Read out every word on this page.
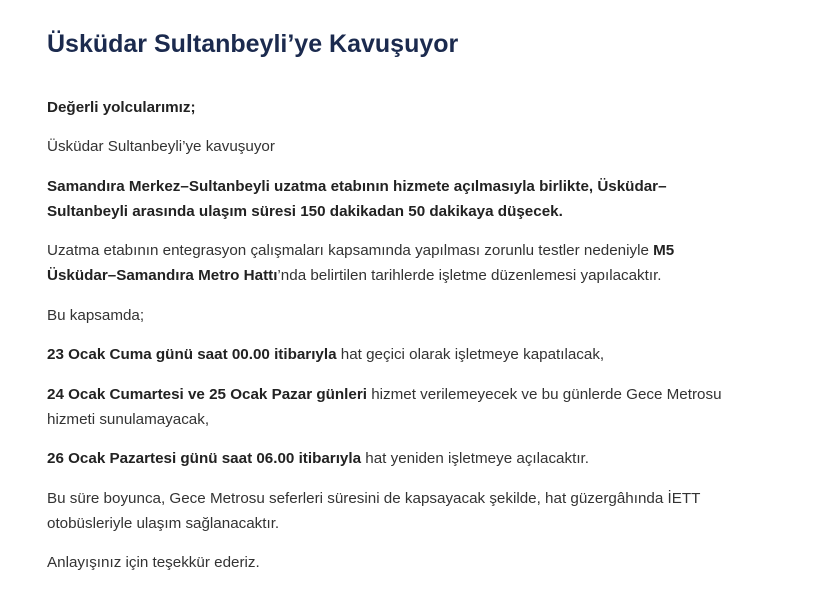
Üsküdar Sultanbeyli’ye Kavuşuyor

Değerli yolcularımız;

Üsküdar Sultanbeyli’ye kavuşuyor

Samandıra Merkez–Sultanbeyli uzatma etabının hizmete açılmasıyla birlikte, Üsküdar–Sultanbeyli arasında ulaşım süresi 150 dakikadan 50 dakikaya düşecek.

Uzatma etabının entegrasyon çalışmaları kapsamında yapılması zorunlu testler nedeniyle M5 Üsküdar–Samandıra Metro Hattı’nda belirtilen tarihlerde işletme düzenlemesi yapılacaktır.

Bu kapsamda;

23 Ocak Cuma günü saat 00.00 itibarıyla hat geçici olarak işletmeye kapatılacak,

24 Ocak Cumartesi ve 25 Ocak Pazar günleri hizmet verilemeyecek ve bu günlerde Gece Metrosu hizmeti sunulamayacak,

26 Ocak Pazartesi günü saat 06.00 itibarıyla hat yeniden işletmeye açılacaktır.

Bu süre boyunca, Gece Metrosu seferleri süresini de kapsayacak şekilde, hat güzergâhında İETT otobüsleriyle ulaşım sağlanacaktır.

Anlayışınız için teşekkür ederiz.
